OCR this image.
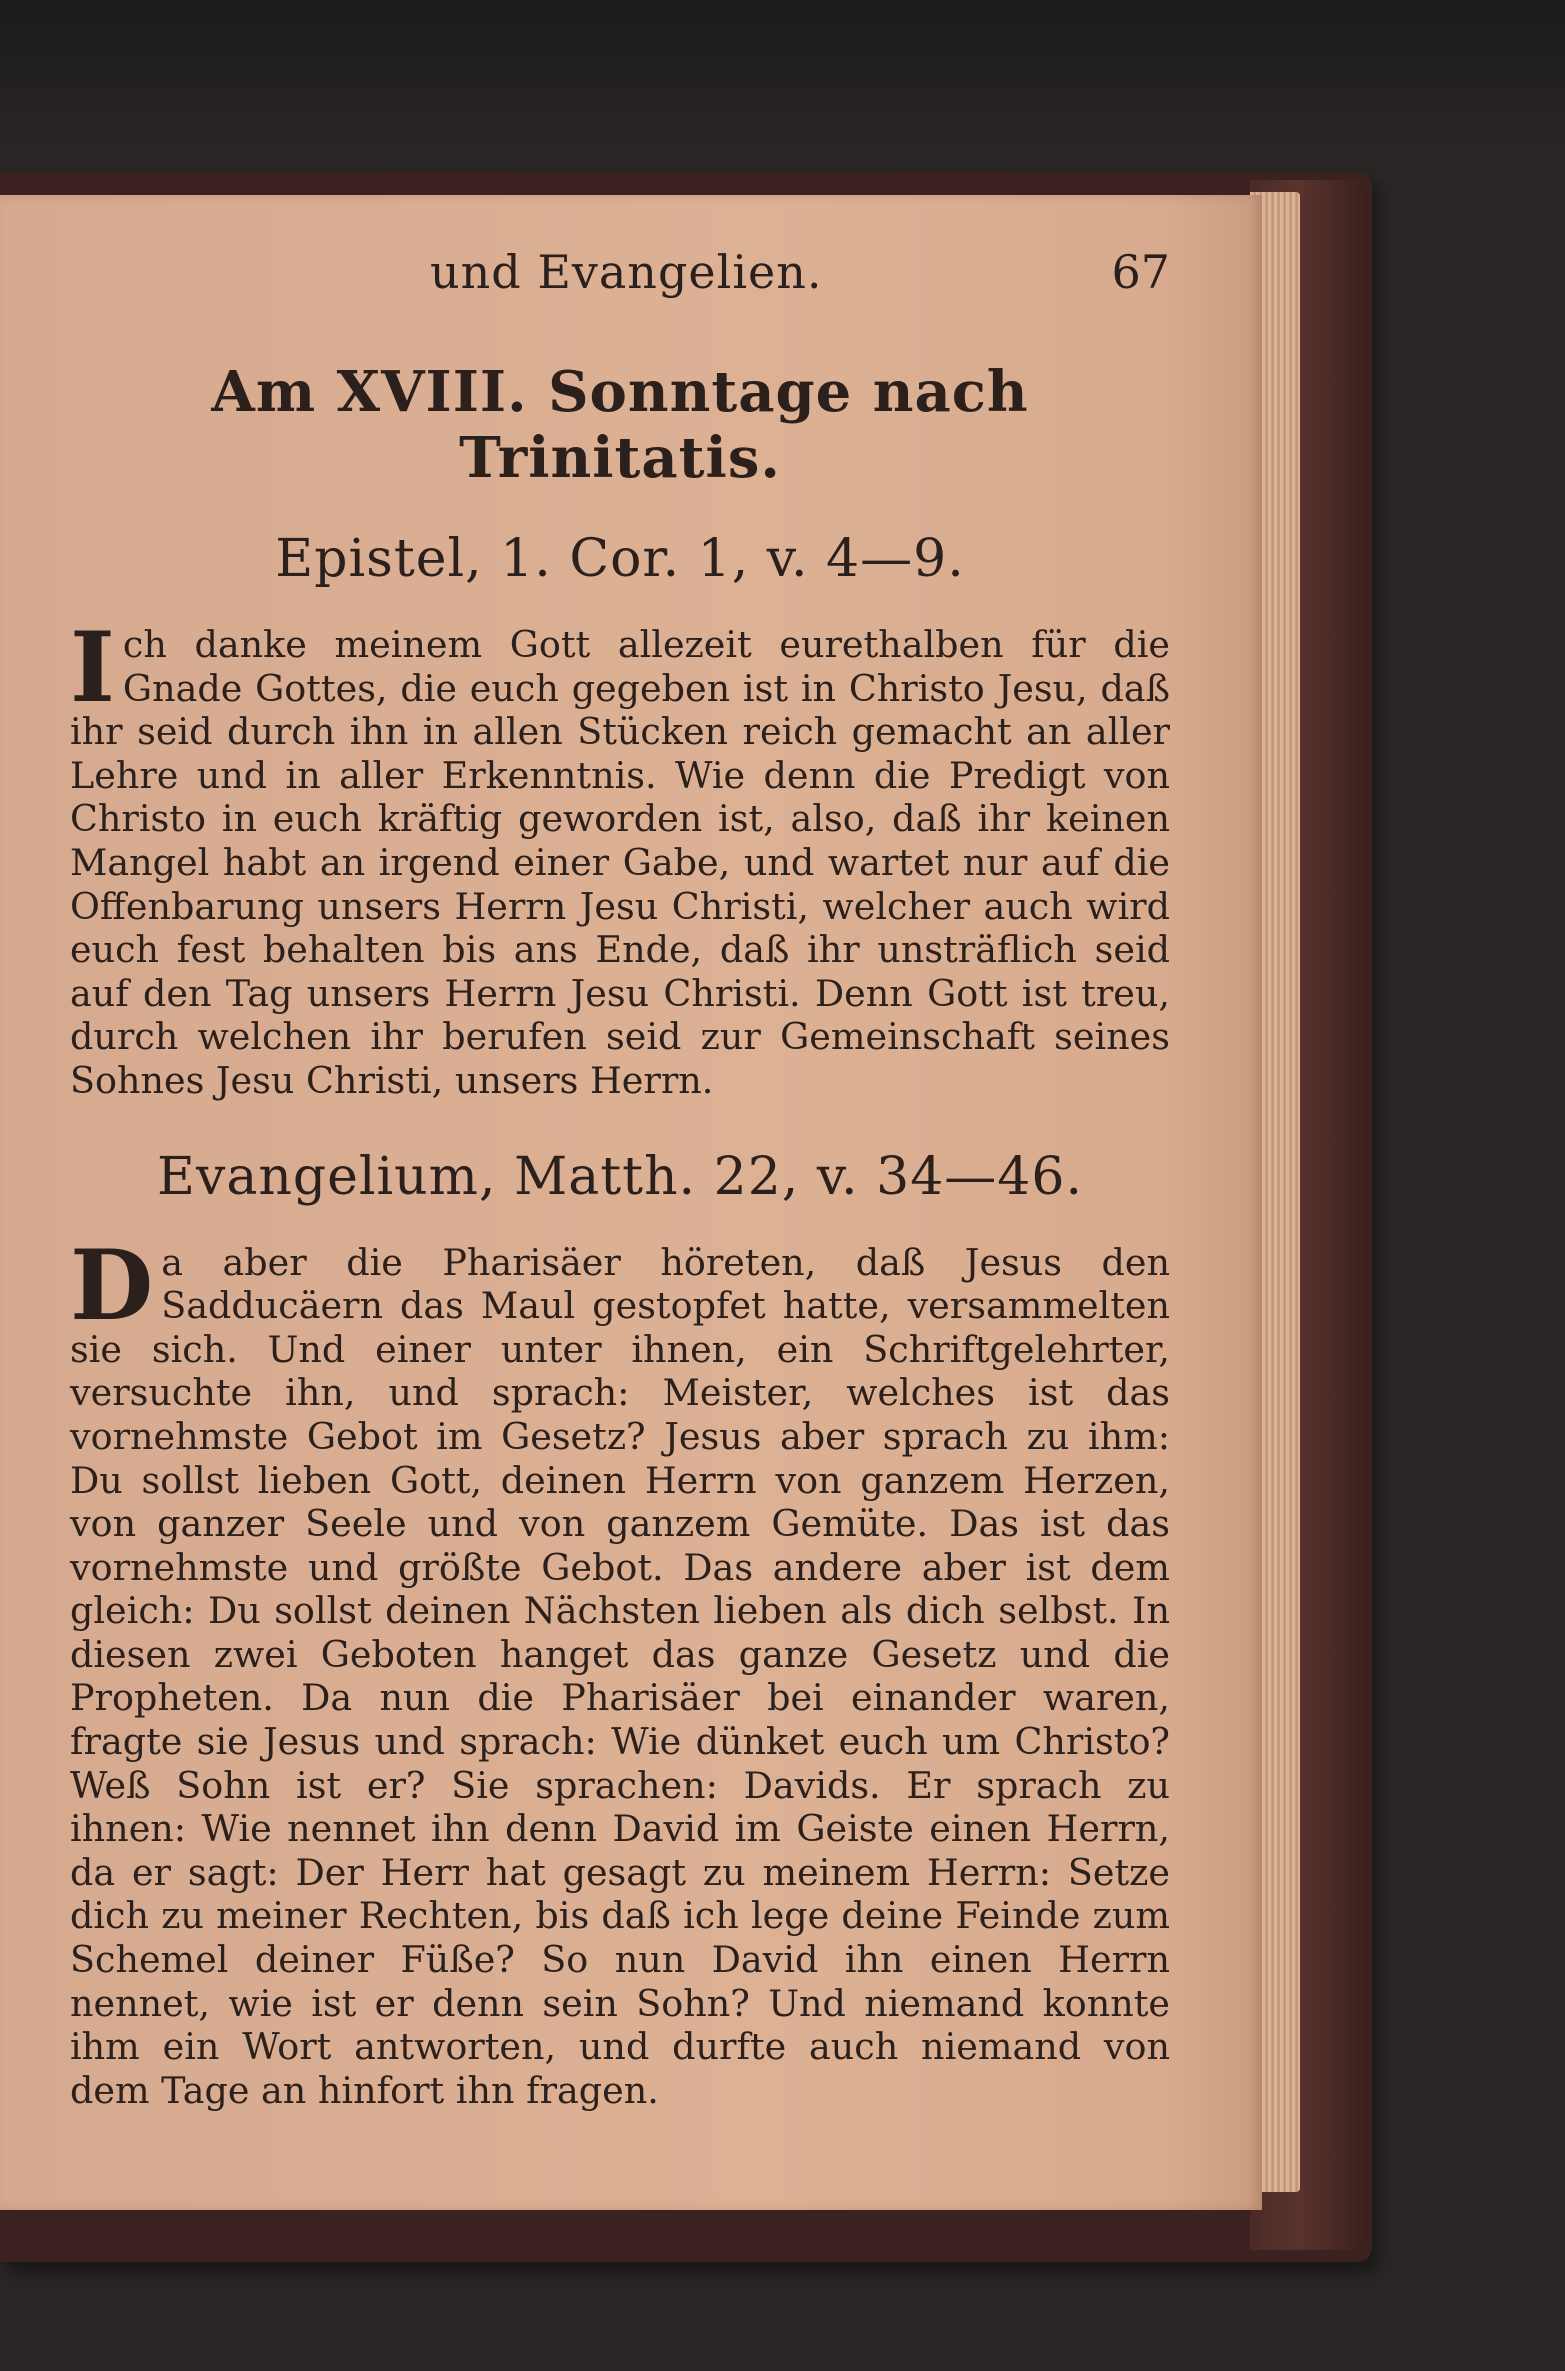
und Evangelien.	67
Am XVIII. Sonntage nach Trinitatis.
Epistel, 1. Cor. 1, v. 4—9.

Ich danke meinem Gott allezeit eurethalben für die Gnade Gottes, die euch gegeben ist in Christo Jesu, daß ihr seid durch ihn in allen Stücken reich gemacht an aller Lehre und in aller Erkenntnis. Wie denn die Predigt von Christo in euch kräftig geworden ist, also, daß ihr keinen Mangel habt an irgend einer Gabe, und wartet nur auf die Offenbarung unsers Herrn Jesu Christi, welcher auch wird euch fest behalten bis ans Ende, daß ihr unsträflich seid auf den Tag unsers Herrn Jesu Christi. Denn Gott ist treu, durch welchen ihr berufen seid zur Gemeinschaft seines Sohnes Jesu Christi, unsers Herrn.

Evangelium, Matth. 22, v. 34—46.

Da aber die Pharisäer höreten, daß Jesus den Sadducäern das Maul gestopfet hatte, versammelten sie sich. Und einer unter ihnen, ein Schriftgelehrter, versuchte ihn, und sprach: Meister, welches ist das vornehmste Gebot im Gesetz? Jesus aber sprach zu ihm: Du sollst lieben Gott, deinen Herrn von ganzem Herzen, von ganzer Seele und von ganzem Gemüte. Das ist das vornehmste und größte Gebot. Das andere aber ist dem gleich: Du sollst deinen Nächsten lieben als dich selbst. In diesen zwei Geboten hanget das ganze Gesetz und die Propheten. Da nun die Pharisäer bei einander waren, fragte sie Jesus und sprach: Wie dünket euch um Christo? Weß Sohn ist er? Sie sprachen: Davids. Er sprach zu ihnen: Wie nennet ihn denn David im Geiste einen Herrn, da er sagt: Der Herr hat gesagt zu meinem Herrn: Setze dich zu meiner Rechten, bis daß ich lege deine Feinde zum Schemel deiner Füße? So nun David ihn einen Herrn nennet, wie ist er denn sein Sohn? Und niemand konnte ihm ein Wort antworten, und durfte auch niemand von dem Tage an hinfort ihn fragen.
